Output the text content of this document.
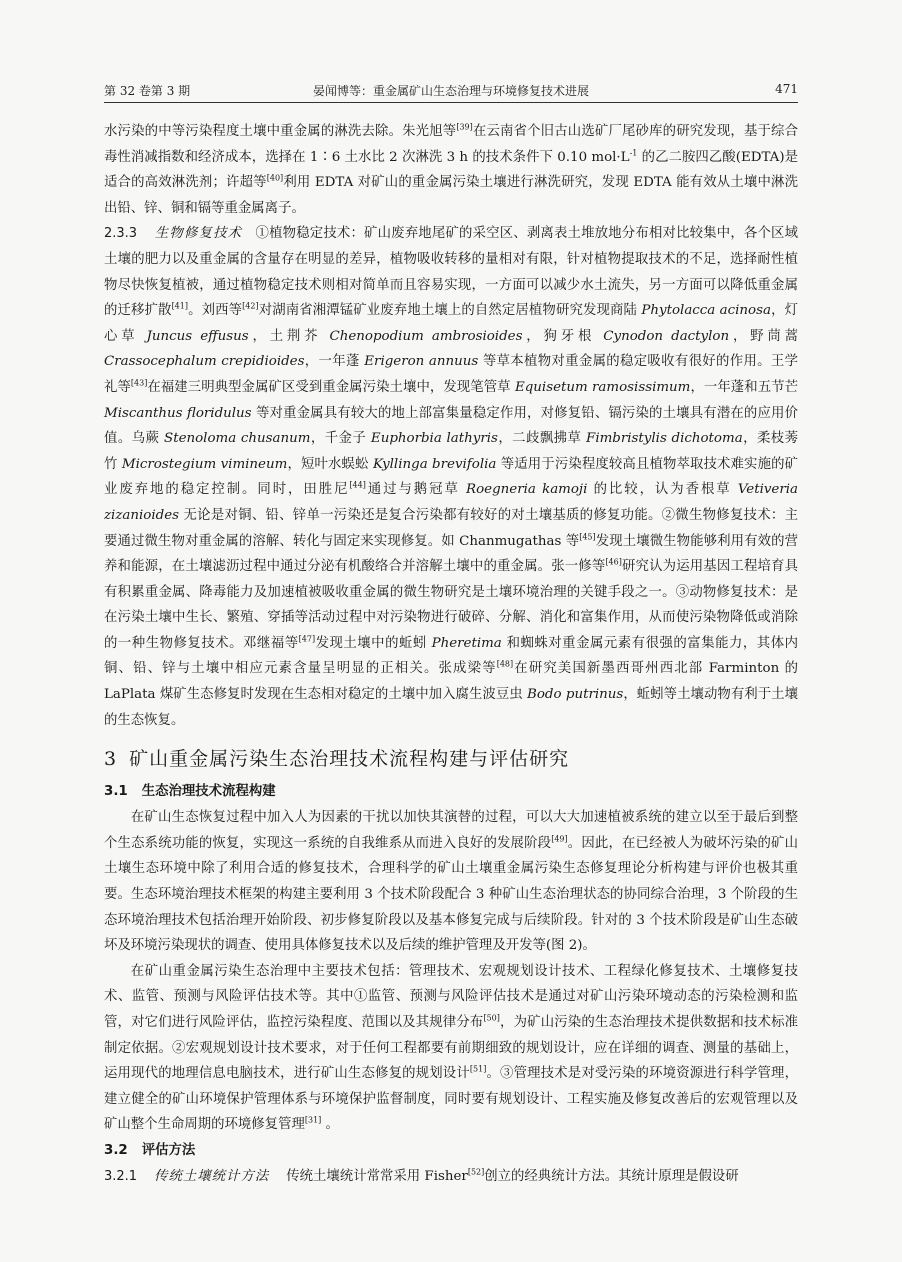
第 32 卷第 3 期	晏闻博等：重金属矿山生态治理与环境修复技术进展	471

水污染的中等污染程度土壤中重金属的淋洗去除。朱光旭等[39]在云南省个旧古山选矿厂尾砂库的研究发现，基于综合毒性消减指数和经济成本，选择在 1∶6 土水比 2 次淋洗 3 h 的技术条件下 0.10 $mol\cdot L^{-1}$ 的乙二胺四乙酸(EDTA)是适合的高效淋洗剂；许超等[40]利用 EDTA 对矿山的重金属污染土壤进行淋洗研究，发现 EDTA 能有效从土壤中淋洗出铅、锌、铜和镉等重金属离子。

2.3.3 生物修复技术 ①植物稳定技术：矿山废弃地尾矿的采空区、剥离表土堆放地分布相对比较集中，各个区域土壤的肥力以及重金属的含量存在明显的差异，植物吸收转移的量相对有限，针对植物提取技术的不足，选择耐性植物尽快恢复植被，通过植物稳定技术则相对简单而且容易实现，一方面可以减少水土流失，另一方面可以降低重金属的迁移扩散[41]。刘西等[42]对湖南省湘潭锰矿业废弃地土壤上的自然定居植物研究发现商陆 Phytolacca acinosa，灯心草 Juncus effusus，土荆芥 Chenopodium ambrosioides，狗牙根 Cynodon dactylon，野茼蒿 Crassocephalum crepidioides，一年蓬 Erigeron annuus 等草本植物对重金属的稳定吸收有很好的作用。王学礼等[43]在福建三明典型金属矿区受到重金属污染土壤中，发现笔管草 Equisetum ramosissimum，一年蓬和五节芒 Miscanthus floridulus 等对重金属具有较大的地上部富集量稳定作用，对修复铅、镉污染的土壤具有潜在的应用价值。乌蕨 Stenoloma chusanum，千金子 Euphorbia lathyris，二歧飘拂草 Fimbristylis dichotoma，柔枝莠竹 Microstegium vimineum，短叶水蜈蚣 Kyllinga brevifolia 等适用于污染程度较高且植物萃取技术难实施的矿业废弃地的稳定控制。同时，田胜尼[44]通过与鹅冠草 Roegneria kamoji 的比较，认为香根草 Vetiveria zizanioides 无论是对铜、铅、锌单一污染还是复合污染都有较好的对土壤基质的修复功能。②微生物修复技术：主要通过微生物对重金属的溶解、转化与固定来实现修复。如 Chanmugathas 等[45]发现土壤微生物能够利用有效的营养和能源，在土壤滤沥过程中通过分泌有机酸络合并溶解土壤中的重金属。张一修等[46]研究认为运用基因工程培育具有积累重金属、降毒能力及加速植被吸收重金属的微生物研究是土壤环境治理的关键手段之一。③动物修复技术：是在污染土壤中生长、繁殖、穿插等活动过程中对污染物进行破碎、分解、消化和富集作用，从而使污染物降低或消除的一种生物修复技术。邓继福等[47]发现土壤中的蚯蚓 Pheretima 和蜘蛛对重金属元素有很强的富集能力，其体内铜、铅、锌与土壤中相应元素含量呈明显的正相关。张成梁等[48]在研究美国新墨西哥州西北部 Farminton 的 LaPlata 煤矿生态修复时发现在生态相对稳定的土壤中加入腐生波豆虫 Bodo putrinus，蚯蚓等土壤动物有利于土壤的生态恢复。

3 矿山重金属污染生态治理技术流程构建与评估研究
3.1 生态治理技术流程构建

在矿山生态恢复过程中加入人为因素的干扰以加快其演替的过程，可以大大加速植被系统的建立以至于最后到整个生态系统功能的恢复，实现这一系统的自我维系从而进入良好的发展阶段[49]。因此，在已经被人为破坏污染的矿山土壤生态环境中除了利用合适的修复技术，合理科学的矿山土壤重金属污染生态修复理论分析构建与评价也极其重要。生态环境治理技术框架的构建主要利用 3 个技术阶段配合 3 种矿山生态治理状态的协同综合治理，3 个阶段的生态环境治理技术包括治理开始阶段、初步修复阶段以及基本修复完成与后续阶段。针对的 3 个技术阶段是矿山生态破坏及环境污染现状的调查、使用具体修复技术以及后续的维护管理及开发等(图 2)。

在矿山重金属污染生态治理中主要技术包括：管理技术、宏观规划设计技术、工程绿化修复技术、土壤修复技术、监管、预测与风险评估技术等。其中①监管、预测与风险评估技术是通过对矿山污染环境动态的污染检测和监管，对它们进行风险评估，监控污染程度、范围以及其规律分布[50]，为矿山污染的生态治理技术提供数据和技术标准制定依据。②宏观规划设计技术要求，对于任何工程都要有前期细致的规划设计，应在详细的调查、测量的基础上，运用现代的地理信息电脑技术，进行矿山生态修复的规划设计[51]。③管理技术是对受污染的环境资源进行科学管理，建立健全的矿山环境保护管理体系与环境保护监督制度，同时要有规划设计、工程实施及修复改善后的宏观管理以及矿山整个生命周期的环境修复管理[31] 。

3.2 评估方法

3.2.1 传统土壤统计方法 传统土壤统计常常采用 Fisher[52]创立的经典统计方法。其统计原理是假设研
